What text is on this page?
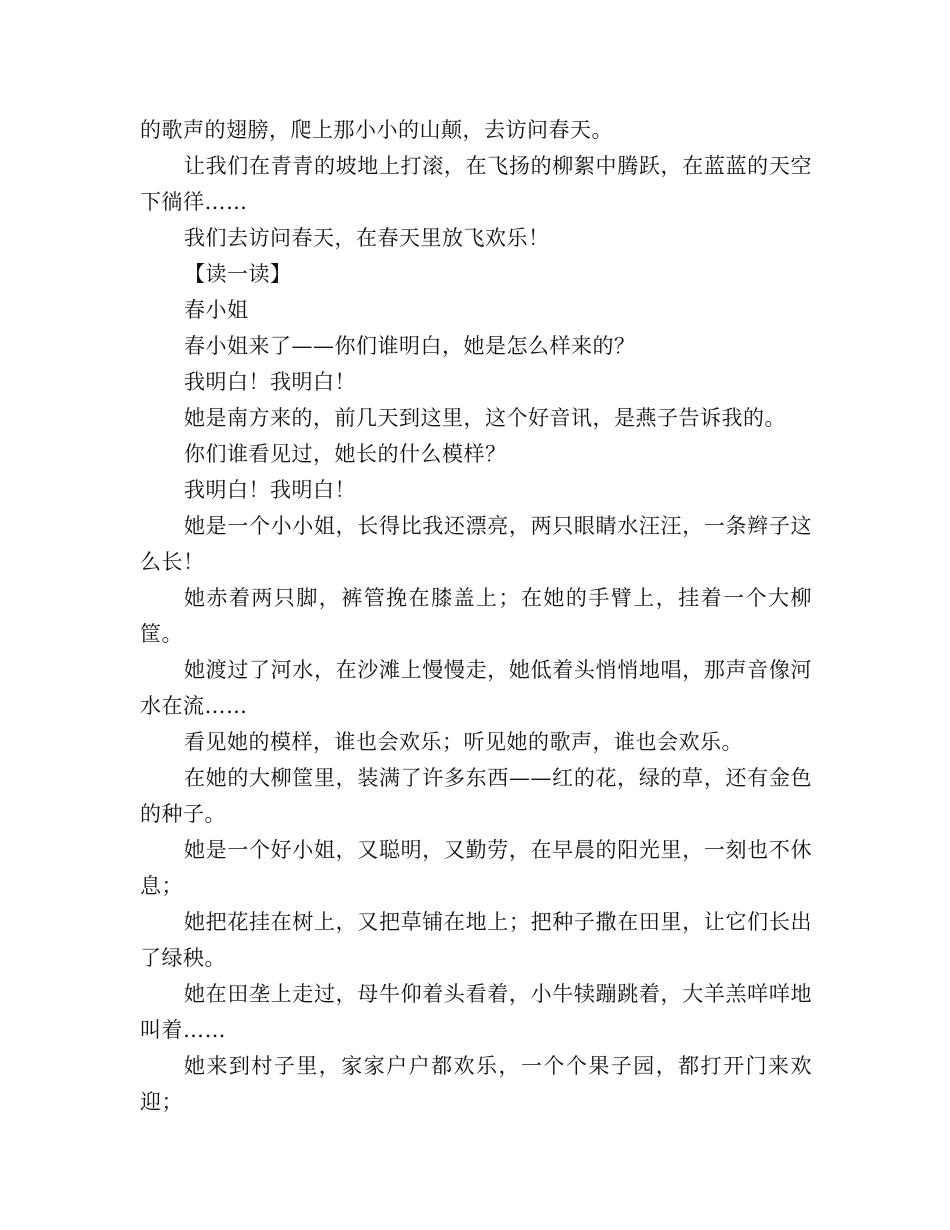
的歌声的翅膀，爬上那小小的山颠，去访问春天。

让我们在青青的坡地上打滚，在飞扬的柳絮中腾跃，在蓝蓝的天空下徜徉……

我们去访问春天，在春天里放飞欢乐！

【读一读】

春小姐

春小姐来了——你们谁明白，她是怎么样来的？

我明白！我明白！

她是南方来的，前几天到这里，这个好音讯，是燕子告诉我的。

你们谁看见过，她长的什么模样？

我明白！我明白！

她是一个小小姐，长得比我还漂亮，两只眼睛水汪汪，一条辫子这么长！

她赤着两只脚，裤管挽在膝盖上；在她的手臂上，挂着一个大柳筐。

她渡过了河水，在沙滩上慢慢走，她低着头悄悄地唱，那声音像河水在流……

看见她的模样，谁也会欢乐；听见她的歌声，谁也会欢乐。

在她的大柳筐里，装满了许多东西——红的花，绿的草，还有金色的种子。

她是一个好小姐，又聪明，又勤劳，在早晨的阳光里，一刻也不休息；

她把花挂在树上，又把草铺在地上；把种子撒在田里，让它们长出了绿秧。

她在田垄上走过，母牛仰着头看着，小牛犊蹦跳着，大羊羔咩咩地叫着……

她来到村子里，家家户户都欢乐，一个个果子园，都打开门来欢迎；
